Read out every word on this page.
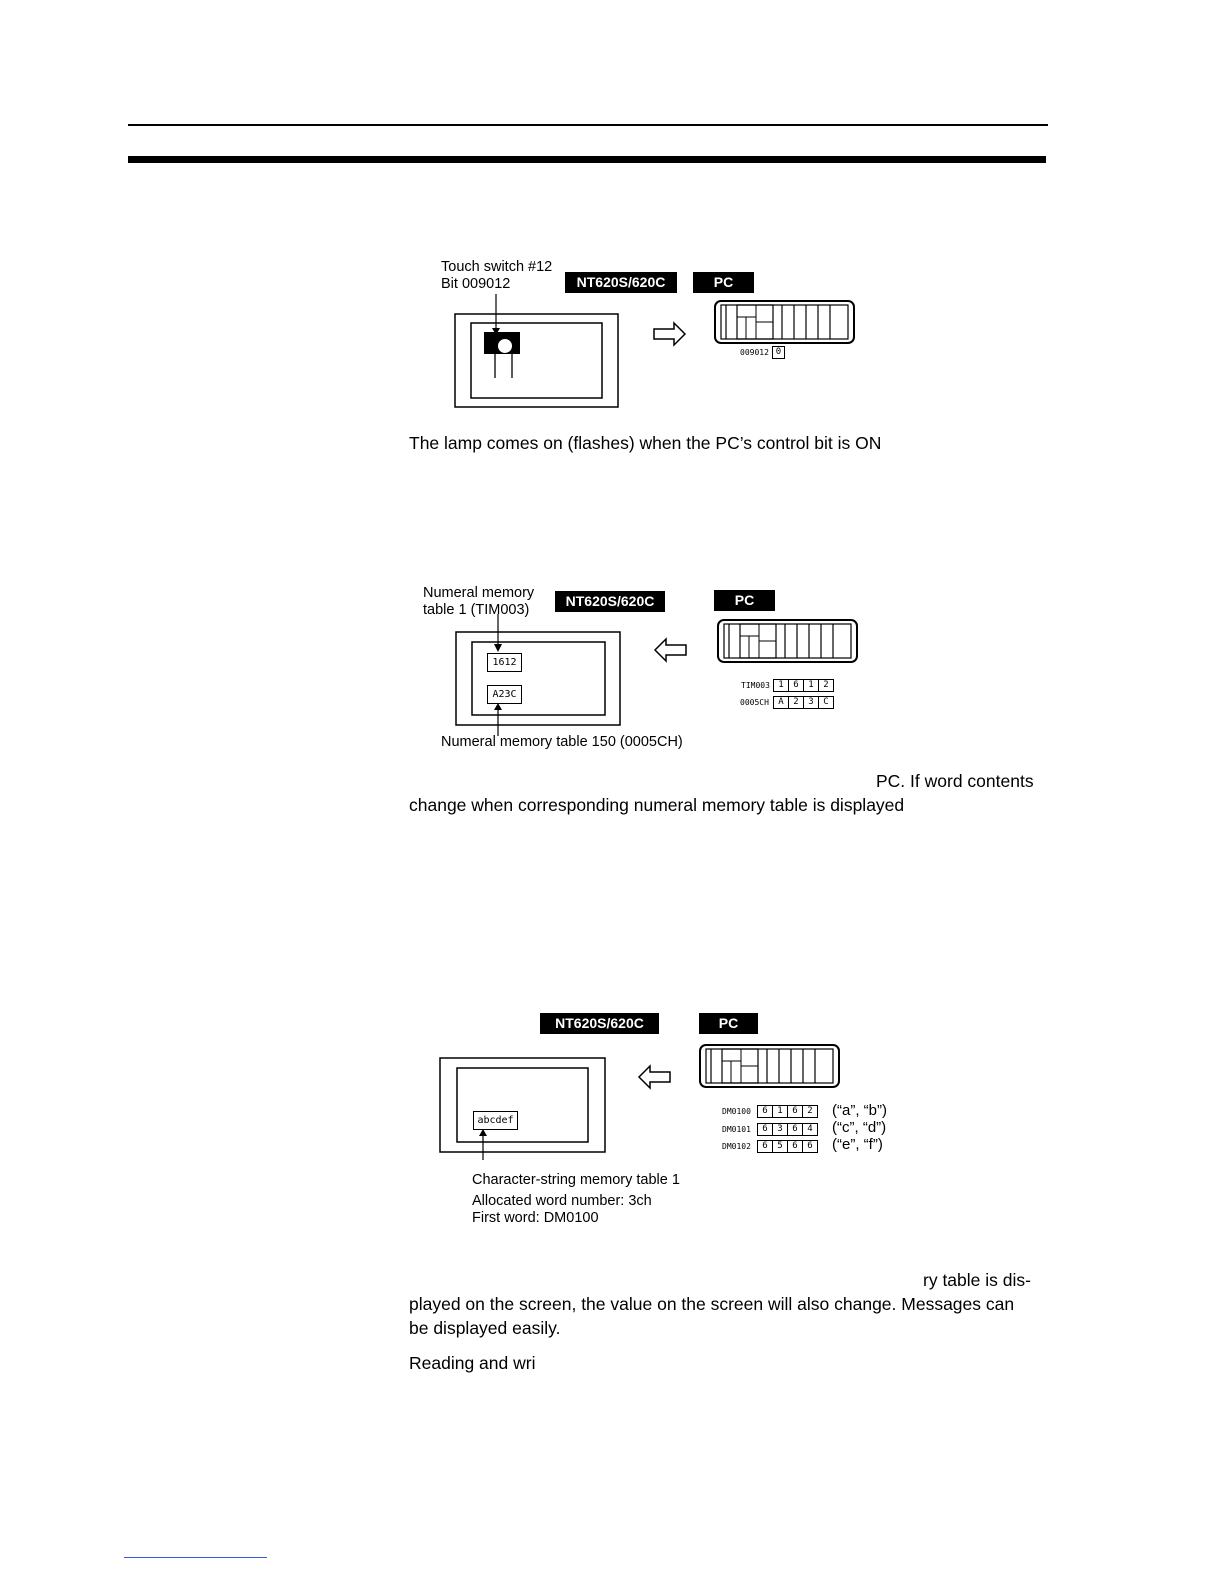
Touch switch #12
Bit 009012	NT620S/620C	PC
009012 0
The lamp comes on (flashes) when the PC’s control bit is ON
Numeral memory
table 1 (TIM003)
NT620S/620C	PC
1612
A23C
TIM003 1	6	1	2
0005CH	A	2	3	C
Numeral memory table 150 (0005CH)
PC. If word contents
change when corresponding numeral memory table is displayed
NT620S/620C	PC
abcdef
DM0100	6	1	6	2	(“a”, “b”)
DM0101	6	3	6	4	(“c”, “d”)
DM0102	6	5	6	6	(“e”, “f”)
Character-string memory table 1
Allocated word number: 3ch
First word: DM0100
ry table is dis-
played on the screen, the value on the screen will also change. Messages can
be displayed easily.
Reading and wri
